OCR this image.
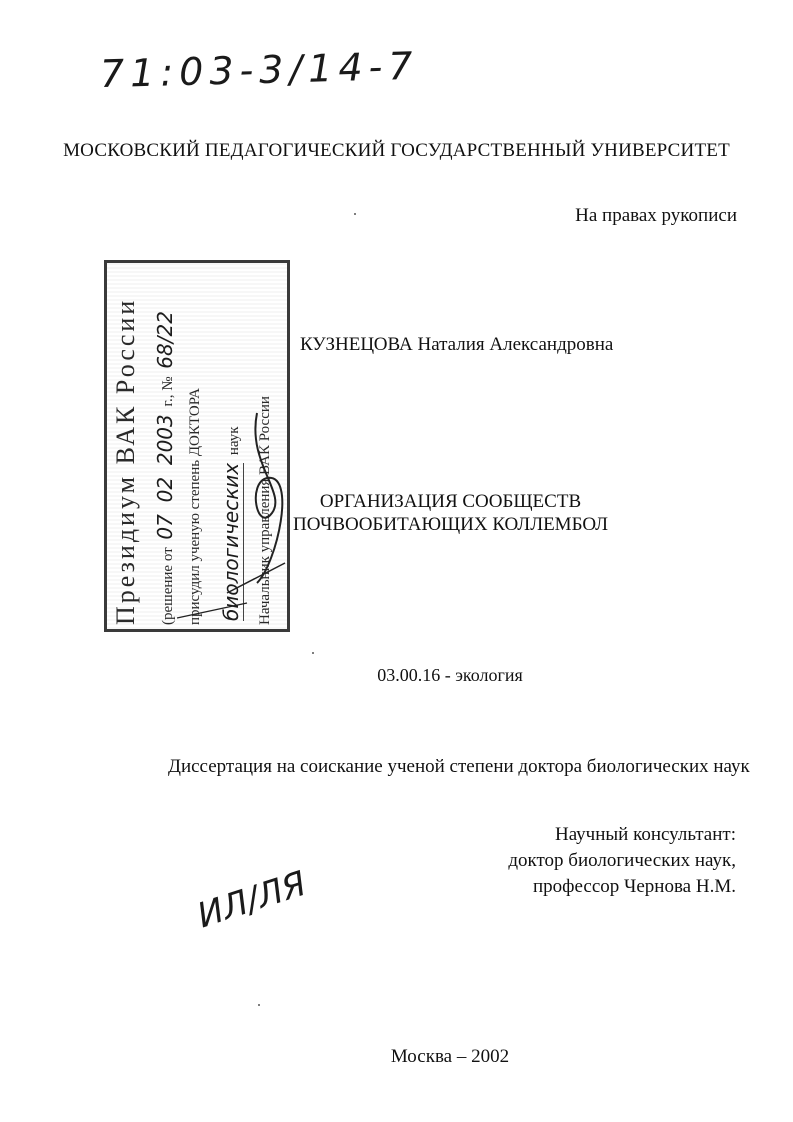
71:03-3/14-7
МОСКОВСКИЙ ПЕДАГОГИЧЕСКИЙ ГОСУДАРСТВЕННЫЙ УНИВЕРСИТЕТ
На правах рукописи
Президиум ВАК России	(решение от 07 02 2003 г., № 68/22
присудил ученую степень ДОКТОРА биологических наук Начальник управления ВАК России
КУЗНЕЦОВА Наталия Александровна
ОРГАНИЗАЦИЯ СООБЩЕСТВ
ПОЧВООБИТАЮЩИХ КОЛЛЕМБОЛ
03.00.16 - экология
Диссертация на соискание ученой степени доктора биологических наук
Научный консультант:
доктор биологических наук,
профессор Чернова Н.М.
ИЛ/ЛЯ
Москва – 2002
